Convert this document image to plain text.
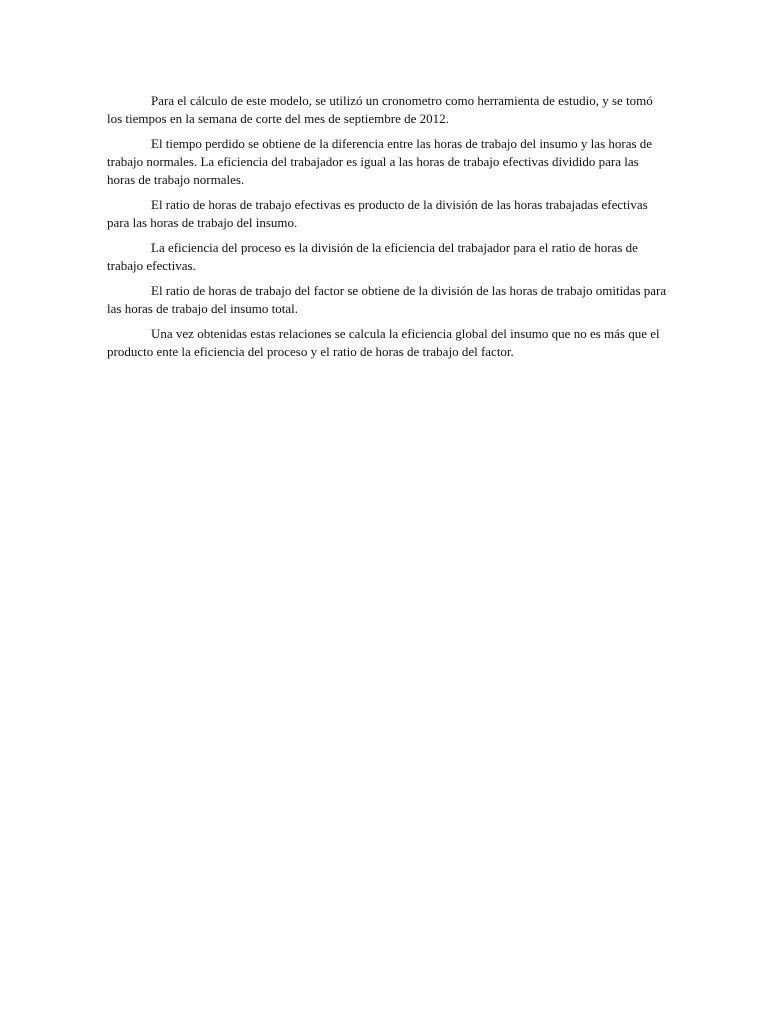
Para el cálculo de este modelo, se utilizó un cronometro como herramienta de estudio, y se tomó los tiempos en la semana de corte del mes de septiembre de 2012.

El tiempo perdido se obtiene de la diferencia entre las horas de trabajo del insumo y las horas de trabajo normales. La eficiencia del trabajador es igual a las horas de trabajo efectivas dividido para las horas de trabajo normales.

El ratio de horas de trabajo efectivas es producto de la división de las horas trabajadas efectivas para las horas de trabajo del insumo.

La eficiencia del proceso es la división de la eficiencia del trabajador para el ratio de horas de trabajo efectivas.

El ratio de horas de trabajo del factor se obtiene de la división de las horas de trabajo omitidas para las horas de trabajo del insumo total.

Una vez obtenidas estas relaciones se calcula la eficiencia global del insumo que no es más que el producto ente la eficiencia del proceso y el ratio de horas de trabajo del factor.
